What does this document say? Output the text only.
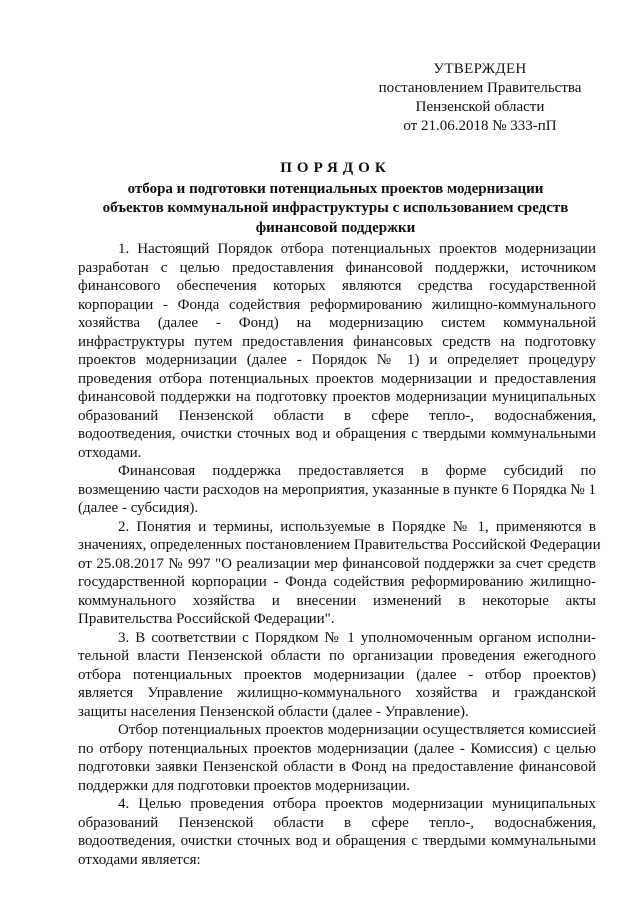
УТВЕРЖДЕН
постановлением Правительства
Пензенской области
от 21.06.2018 № 333-пП
ПОРЯДОК
отбора и подготовки потенциальных проектов модернизации
объектов коммунальной инфраструктуры с использованием средств
финансовой поддержки
1. Настоящий Порядок отбора потенциальных проектов модернизации
разработан с целью предоставления финансовой поддержки, источником
финансового обеспечения которых являются средства государственной
корпорации - Фонда содействия реформированию жилищно-коммунального
хозяйства (далее - Фонд) на модернизацию систем коммунальной
инфраструктуры путем предоставления финансовых средств на подготовку
проектов модернизации (далее - Порядок № 1) и определяет процедуру
проведения отбора потенциальных проектов модернизации и предоставления
финансовой поддержки на подготовку проектов модернизации муниципальных
образований Пензенской области в сфере тепло-, водоснабжения,
водоотведения, очистки сточных вод и обращения с твердыми коммунальными
отходами.
Финансовая поддержка предоставляется в форме субсидий по
возмещению части расходов на мероприятия, указанные в пункте 6 Порядка № 1
(далее - субсидия).
2. Понятия и термины, используемые в Порядке № 1, применяются в
значениях, определенных постановлением Правительства Российской Федерации
от 25.08.2017 № 997 "О реализации мер финансовой поддержки за счет средств
государственной корпорации - Фонда содействия реформированию жилищно-
коммунального хозяйства и внесении изменений в некоторые акты
Правительства Российской Федерации".
3. В соответствии с Порядком № 1 уполномоченным органом исполни-
тельной власти Пензенской области по организации проведения ежегодного
отбора потенциальных проектов модернизации (далее - отбор проектов)
является Управление жилищно-коммунального хозяйства и гражданской
защиты населения Пензенской области (далее - Управление).
Отбор потенциальных проектов модернизации осуществляется комиссией
по отбору потенциальных проектов модернизации (далее - Комиссия) с целью
подготовки заявки Пензенской области в Фонд на предоставление финансовой
поддержки для подготовки проектов модернизации.
4. Целью проведения отбора проектов модернизации муниципальных
образований Пензенской области в сфере тепло-, водоснабжения,
водоотведения, очистки сточных вод и обращения с твердыми коммунальными
отходами является:
